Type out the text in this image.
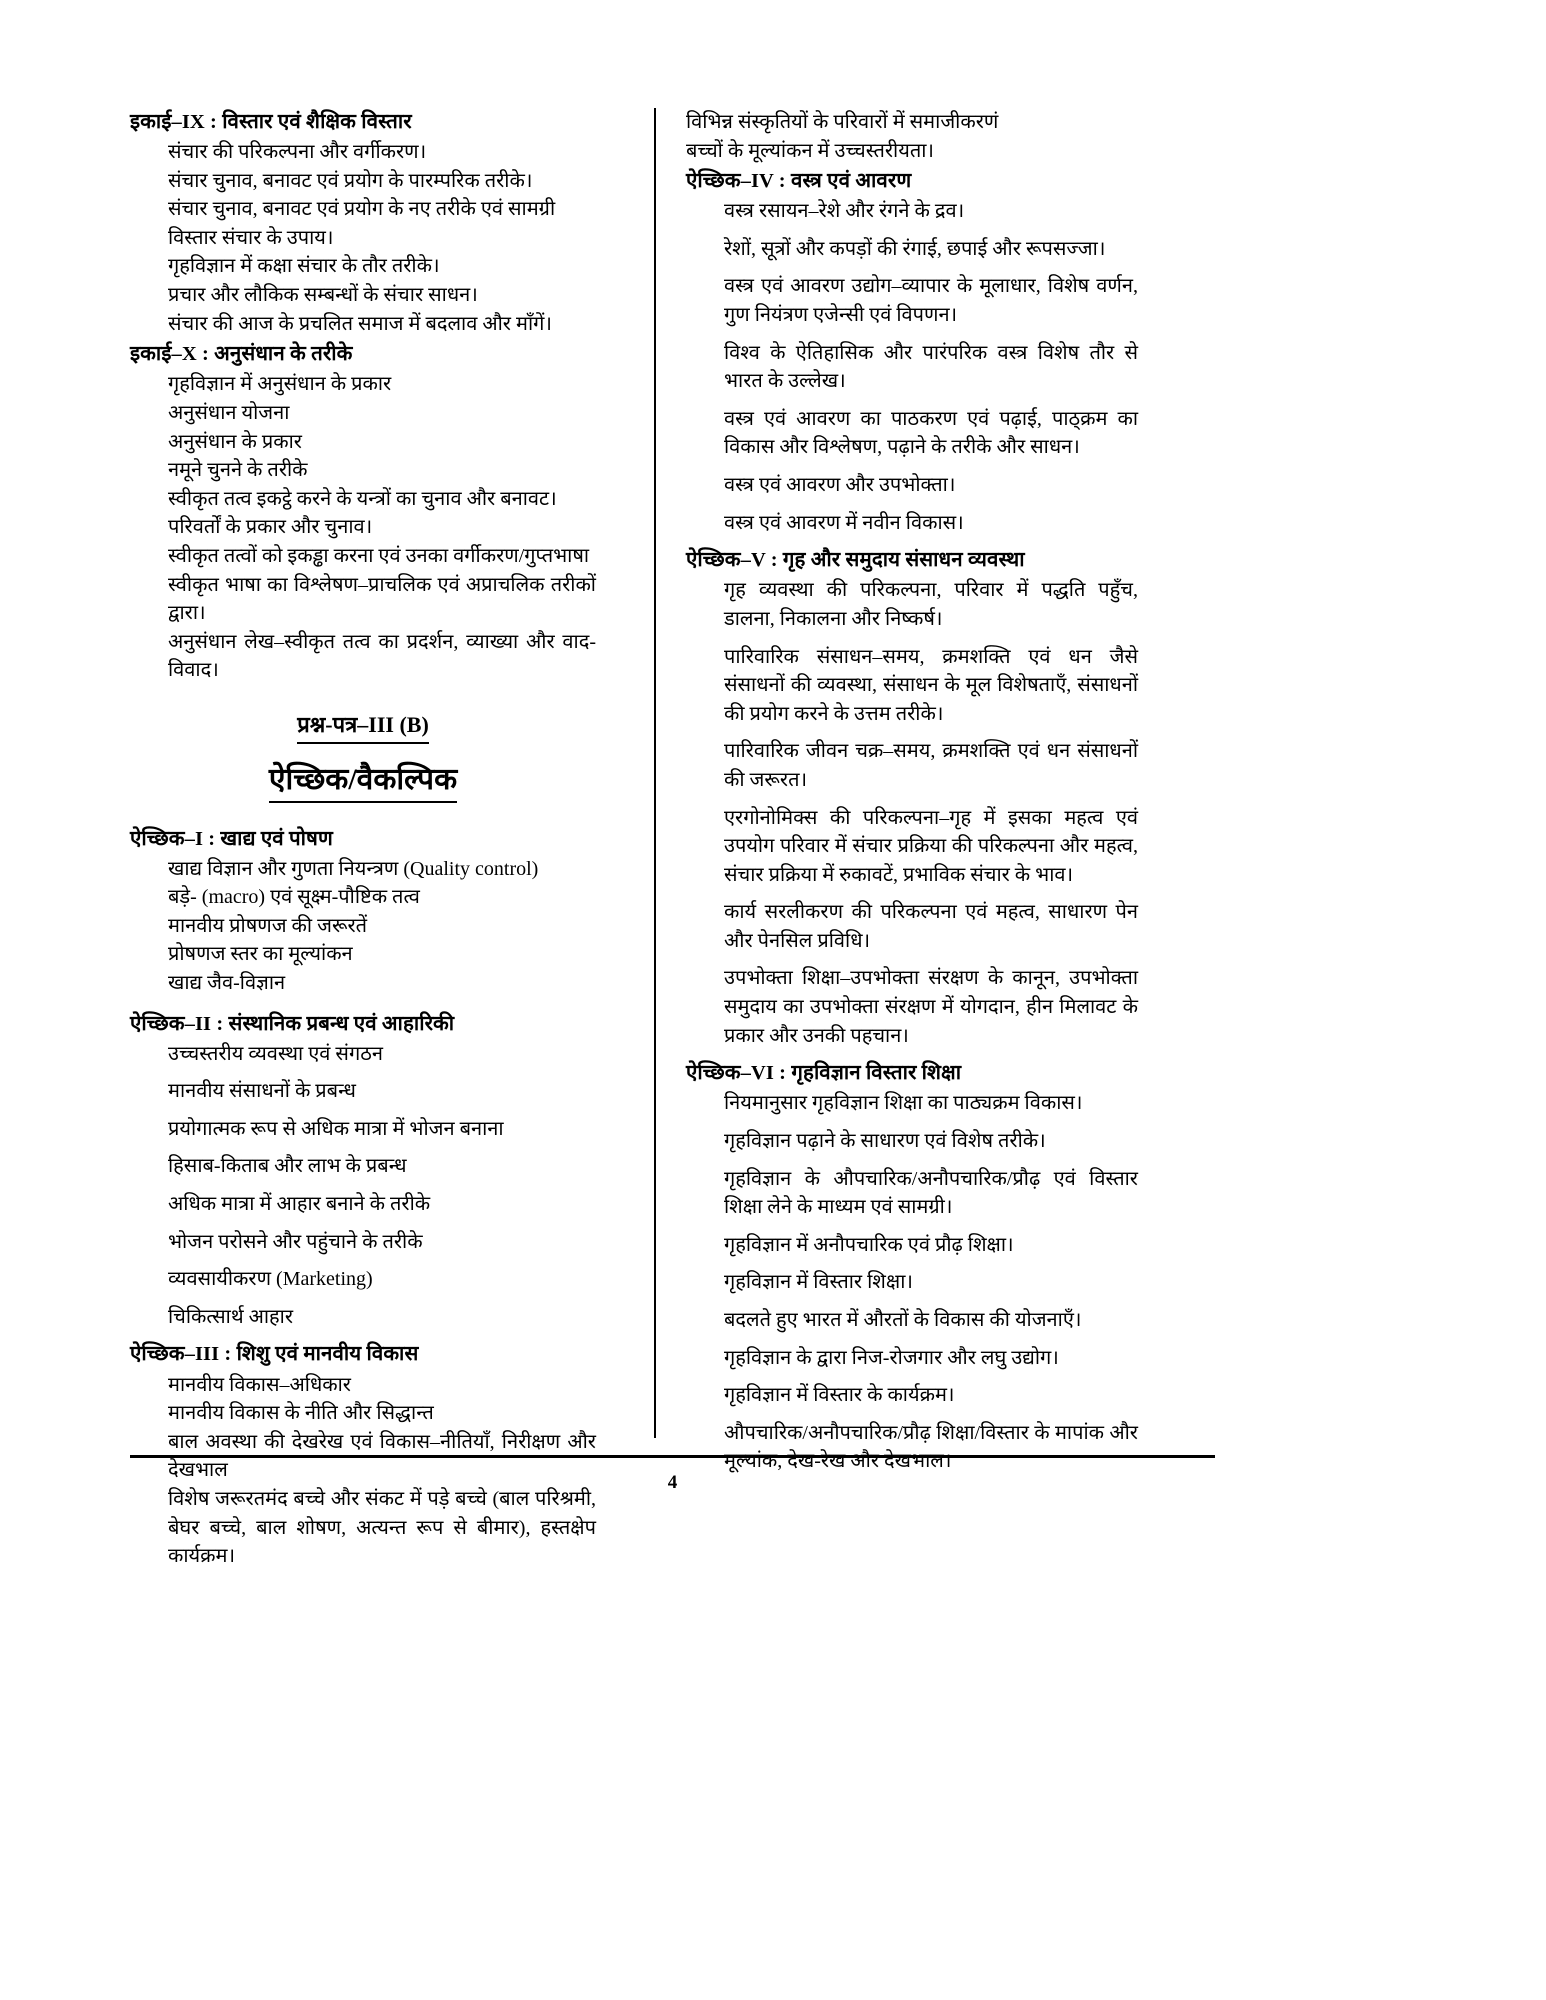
इकाई–IX : विस्तार एवं शैक्षिक विस्तार
संचार की परिकल्पना और वर्गीकरण।
संचार चुनाव, बनावट एवं प्रयोग के पारम्परिक तरीके।
संचार चुनाव, बनावट एवं प्रयोग के नए तरीके एवं सामग्री
विस्तार संचार के उपाय।
गृहविज्ञान में कक्षा संचार के तौर तरीके।
प्रचार और लौकिक सम्बन्धों के संचार साधन।
संचार की आज के प्रचलित समाज में बदलाव और माँगें।
इकाई–X : अनुसंधान के तरीके
गृहविज्ञान में अनुसंधान के प्रकार
अनुसंधान योजना
अनुसंधान के प्रकार
नमूने चुनने के तरीके
स्वीकृत तत्व इकट्ठे करने के यन्त्रों का चुनाव और बनावट।
परिवर्तों के प्रकार और चुनाव।
स्वीकृत तत्वों को इकड्ढा करना एवं उनका वर्गीकरण/गुप्तभाषा
स्वीकृत भाषा का विश्लेषण–प्राचलिक एवं अप्राचलिक तरीकों द्वारा।
अनुसंधान लेख–स्वीकृत तत्व का प्रदर्शन, व्याख्या और वाद-विवाद।
प्रश्न-पत्र–III (B)
ऐच्छिक/वैकल्पिक
ऐच्छिक–I : खाद्य एवं पोषण
खाद्य विज्ञान और गुणता नियन्त्रण (Quality control)
बड़े- (macro) एवं सूक्ष्म-पौष्टिक तत्व
मानवीय प्रोषणज की जरूरतें
प्रोषणज स्तर का मूल्यांकन
खाद्य जैव-विज्ञान
ऐच्छिक–II : संस्थानिक प्रबन्ध एवं आहारिकी
उच्चस्तरीय व्यवस्था एवं संगठन
मानवीय संसाधनों के प्रबन्ध
प्रयोगात्मक रूप से अधिक मात्रा में भोजन बनाना
हिसाब-किताब और लाभ के प्रबन्ध
अधिक मात्रा में आहार बनाने के तरीके
भोजन परोसने और पहुंचाने के तरीके
व्यवसायीकरण (Marketing)
चिकित्सार्थ आहार
ऐच्छिक–III : शिशु एवं मानवीय विकास
मानवीय विकास–अधिकार
मानवीय विकास के नीति और सिद्धान्त
बाल अवस्था की देखरेख एवं विकास–नीतियाँ, निरीक्षण और देखभाल
विशेष जरूरतमंद बच्चे और संकट में पड़े बच्चे (बाल परिश्रमी, बेघर बच्चे, बाल शोषण, अत्यन्त रूप से बीमार), हस्तक्षेप कार्यक्रम।
विभिन्न संस्कृतियों के परिवारों में समाजीकरणं
बच्चों के मूल्यांकन में उच्चस्तरीयता।
ऐच्छिक–IV : वस्त्र एवं आवरण
वस्त्र रसायन–रेशे और रंगने के द्रव।
रेशों, सूत्रों और कपड़ों की रंगाई, छपाई और रूपसज्जा।
वस्त्र एवं आवरण उद्योग–व्यापार के मूलाधार, विशेष वर्णन, गुण नियंत्रण एजेन्सी एवं विपणन।
विश्व के ऐतिहासिक और पारंपरिक वस्त्र विशेष तौर से भारत के उल्लेख।
वस्त्र एवं आवरण का पाठकरण एवं पढ़ाई, पाठ्क्रम का विकास और विश्लेषण, पढ़ाने के तरीके और साधन।
वस्त्र एवं आवरण और उपभोक्ता।
वस्त्र एवं आवरण में नवीन विकास।
ऐच्छिक–V : गृह और समुदाय संसाधन व्यवस्था
गृह व्यवस्था की परिकल्पना, परिवार में पद्धति पहुँच, डालना, निकालना और निष्कर्ष।
पारिवारिक संसाधन–समय, क्रमशक्ति एवं धन जैसे संसाधनों की व्यवस्था, संसाधन के मूल विशेषताएँ, संसाधनों की प्रयोग करने के उत्तम तरीके।
पारिवारिक जीवन चक्र–समय, क्रमशक्ति एवं धन संसाधनों की जरूरत।
एरगोनोमिक्स की परिकल्पना–गृह में इसका महत्व एवं उपयोग परिवार में संचार प्रक्रिया की परिकल्पना और महत्व, संचार प्रक्रिया में रुकावटें, प्रभाविक संचार के भाव।
कार्य सरलीकरण की परिकल्पना एवं महत्व, साधारण पेन और पेनसिल प्रविधि।
उपभोक्ता शिक्षा–उपभोक्ता संरक्षण के कानून, उपभोक्ता समुदाय का उपभोक्ता संरक्षण में योगदान, हीन मिलावट के प्रकार और उनकी पहचान।
ऐच्छिक–VI : गृहविज्ञान विस्तार शिक्षा
नियमानुसार गृहविज्ञान शिक्षा का पाठ्यक्रम विकास।
गृहविज्ञान पढ़ाने के साधारण एवं विशेष तरीके।
गृहविज्ञान के औपचारिक/अनौपचारिक/प्रौढ़ एवं विस्तार शिक्षा लेने के माध्यम एवं सामग्री।
गृहविज्ञान में अनौपचारिक एवं प्रौढ़ शिक्षा।
गृहविज्ञान में विस्तार शिक्षा।
बदलते हुए भारत में औरतों के विकास की योजनाएँ।
गृहविज्ञान के द्वारा निज-रोजगार और लघु उद्योग।
गृहविज्ञान में विस्तार के कार्यक्रम।
औपचारिक/अनौपचारिक/प्रौढ़ शिक्षा/विस्तार के मापांक और मूल्यांक, देख-रेख और देखभाल।
4
